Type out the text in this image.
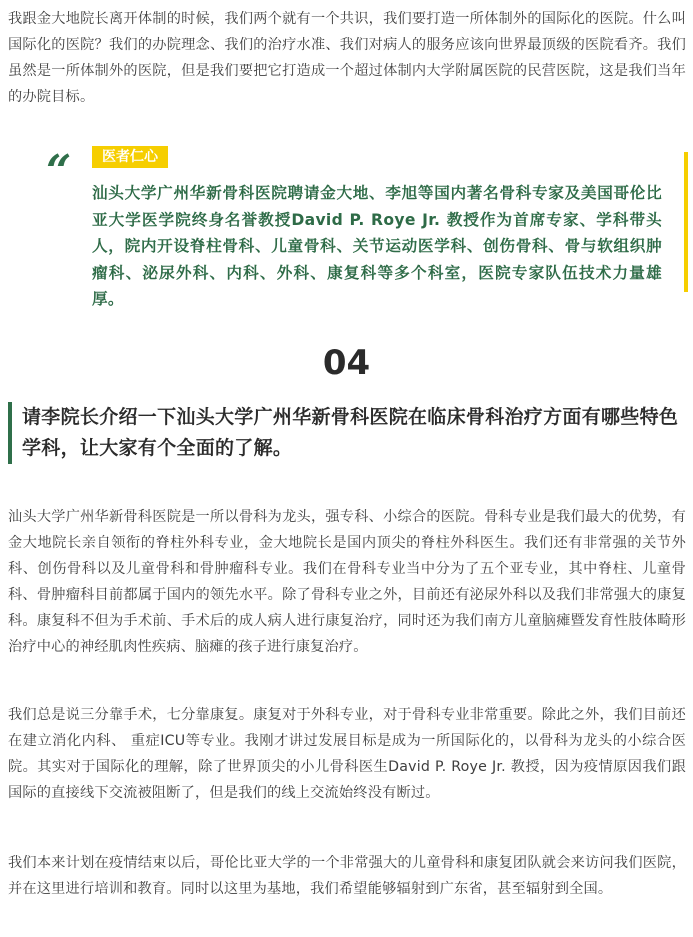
我跟金大地院长离开体制的时候，我们两个就有一个共识，我们要打造一所体制外的国际化的医院。什么叫国际化的医院？我们的办院理念、我们的治疗水准、我们对病人的服务应该向世界最顶级的医院看齐。我们虽然是一所体制外的医院，但是我们要把它打造成一个超过体制内大学附属医院的民营医院，这是我们当年的办院目标。

“	医者仁心

汕头大学广州华新骨科医院聘请金大地、李旭等国内著名骨科专家及美国哥伦比亚大学医学院终身名誉教授David P. Roye Jr. 教授作为首席专家、学科带头人，院内开设脊柱骨科、儿童骨科、关节运动医学科、创伤骨科、骨与软组织肿瘤科、泌尿外科、内科、外科、康复科等多个科室，医院专家队伍技术力量雄厚。

04
请李院长介绍一下汕头大学广州华新骨科医院在临床骨科治疗方面有哪些特色学科，让大家有个全面的了解。

汕头大学广州华新骨科医院是一所以骨科为龙头，强专科、小综合的医院。骨科专业是我们最大的优势，有金大地院长亲自领衔的脊柱外科专业，金大地院长是国内顶尖的脊柱外科医生。我们还有非常强的关节外科、创伤骨科以及儿童骨科和骨肿瘤科专业。我们在骨科专业当中分为了五个亚专业，其中脊柱、儿童骨科、骨肿瘤科目前都属于国内的领先水平。除了骨科专业之外，目前还有泌尿外科以及我们非常强大的康复科。康复科不但为手术前、手术后的成人病人进行康复治疗，同时还为我们南方儿童脑瘫暨发育性肢体畸形治疗中心的神经肌肉性疾病、脑瘫的孩子进行康复治疗。

我们总是说三分靠手术，七分靠康复。康复对于外科专业，对于骨科专业非常重要。除此之外，我们目前还在建立消化内科、 重症ICU等专业。我刚才讲过发展目标是成为一所国际化的，以骨科为龙头的小综合医院。其实对于国际化的理解，除了世界顶尖的小儿骨科医生David P. Roye Jr. 教授，因为疫情原因我们跟国际的直接线下交流被阻断了，但是我们的线上交流始终没有断过。

我们本来计划在疫情结束以后，哥伦比亚大学的一个非常强大的儿童骨科和康复团队就会来访问我们医院，并在这里进行培训和教育。同时以这里为基地，我们希望能够辐射到广东省，甚至辐射到全国。
